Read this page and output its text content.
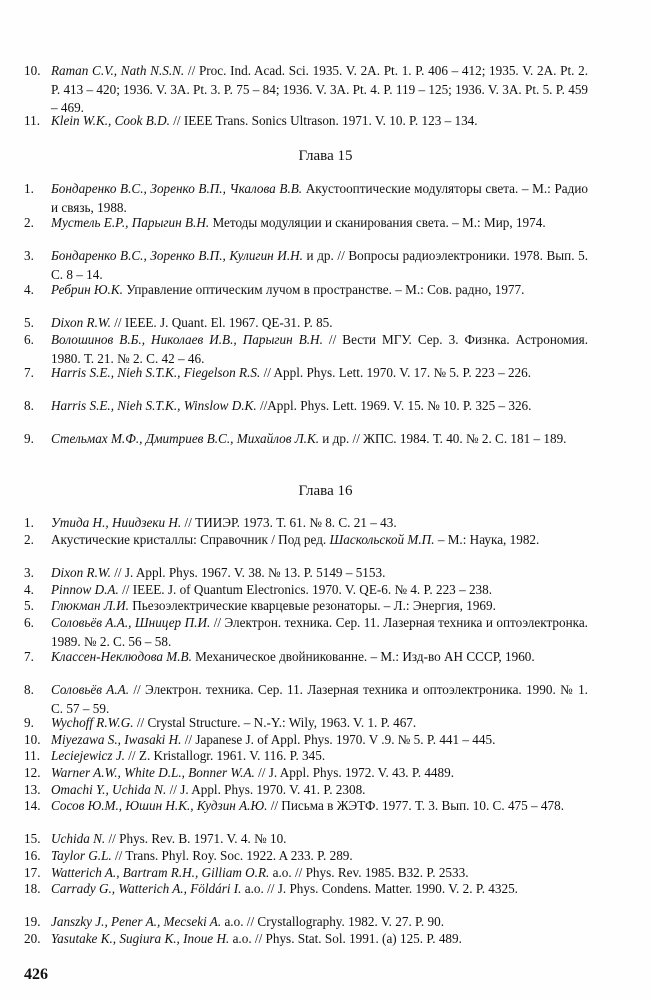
10. Raman C.V., Nath N.S.N. // Proc. Ind. Acad. Sci. 1935. V. 2A. Pt. 1. P. 406 – 412; 1935. V. 2A. Pt. 2. P. 413 – 420; 1936. V. 3A. Pt. 3. P. 75 – 84; 1936. V. 3A. Pt. 4. P. 119 – 125; 1936. V. 3A. Pt. 5. P. 459 – 469.
11. Klein W.K., Cook B.D. // IEEE Trans. Sonics Ultrason. 1971. V. 10. P. 123 – 134.
Глава 15
1.	Бондаренко В.С., Зоренко В.П., Чкалова В.В. Акустооптические модуляторы света. – М.: Радио и связь, 1988.
2.	Мустель Е.Р., Парыгин В.Н. Методы модуляции и сканирования света. – М.: Мир, 1974.
3.	Бондаренко В.С., Зоренко В.П., Кулигин И.Н. и др. // Вопросы радиоэлектроники. 1978. Вып. 5. С. 8 – 14.
4.	Ребрин Ю.К. Управление оптическим лучом в пространстве. – М.: Сов. радно, 1977.
5.	Dixon R.W. // IEEE. J. Quant. El. 1967. QE-31. P. 85.
6.	Волошинов В.Б., Николаев И.В., Парыгин В.Н. // Вести МГУ. Сер. 3. Физнка. Астрономия. 1980. Т. 21. № 2. С. 42 – 46.
7.	Harris S.E., Nieh S.T.K., Fiegelson R.S. // Appl. Phys. Lett. 1970. V. 17. № 5. P. 223 – 226.
8.	Harris S.E., Nieh S.T.K., Winslow D.K. //Appl. Phys. Lett. 1969. V. 15. № 10. P. 325 – 326.
9.	Стельмах М.Ф., Дмитриев В.С., Михайлов Л.К. и др. // ЖПС. 1984. Т. 40. № 2. С. 181 – 189.
Глава 16
1.	Утида Н., Ниидзеки Н. // ТИИЭР. 1973. Т. 61. № 8. С. 21 – 43.
2.	Акустические кристаллы: Справочник / Под ред. Шаскольской М.П. – М.: Наука, 1982.
3.	Dixon R.W. // J. Appl. Phys. 1967. V. 38. № 13. P. 5149 – 5153.
4.	Pinnow D.A. // IEEE. J. of Quantum Electronics. 1970. V. QE-6. № 4. P. 223 – 238.
5.	Глюкман Л.И. Пьезоэлектрические кварцевые резонаторы. – Л.: Энергия, 1969.
6.	Соловьёв А.А., Шницер П.И. // Электрон. техника. Сер. 11. Лазерная техника и оптоэлектронка. 1989. № 2. С. 56 – 58.
7.	Классен-Неклюдова М.В. Механическое двойникованне. – М.: Изд-во АН СССР, 1960.
8.	Соловьёв А.А. // Электрон. техника. Сер. 11. Лазерная техника и оптоэлектроника. 1990. № 1. С. 57 – 59.
9.	Wychoff R.W.G. // Crystal Structure. – N.-Y.: Wily, 1963. V. 1. P. 467.
10. Miyezawa S., Iwasaki H. // Japanese J. of Appl. Phys. 1970. V .9. № 5. P. 441 – 445.
11. Leciejewicz J. // Z. Kristallogr. 1961. V. 116. P. 345.
12. Warner A.W., White D.L., Bonner W.A. // J. Appl. Phys. 1972. V. 43. P. 4489.
13. Omachi Y., Uchida N. // J. Appl. Phys. 1970. V. 41. P. 2308.
14. Сосов Ю.М., Юшин Н.К., Кудзин А.Ю. // Письма в ЖЭТФ. 1977. Т. 3. Вып. 10. С. 475 – 478.
15. Uchida N. // Phys. Rev. B. 1971. V. 4. № 10.
16. Taylor G.L. // Trans. Phyl. Roy. Soc. 1922. A 233. P. 289.
17. Watterich A., Bartram R.H., Gilliam O.R. a.o. // Phys. Rev. 1985. B32. P. 2533.
18. Carrady G., Watterich A., Földári I. a.o. // J. Phys. Condens. Matter. 1990. V. 2. P. 4325.
19. Janszky J., Pener A., Mecseki A. a.o. // Crystallography. 1982. V. 27. P. 90.
20. Yasutake K., Sugiura K., Inoue H. a.o. // Phys. Stat. Sol. 1991. (a) 125. P. 489.
426
